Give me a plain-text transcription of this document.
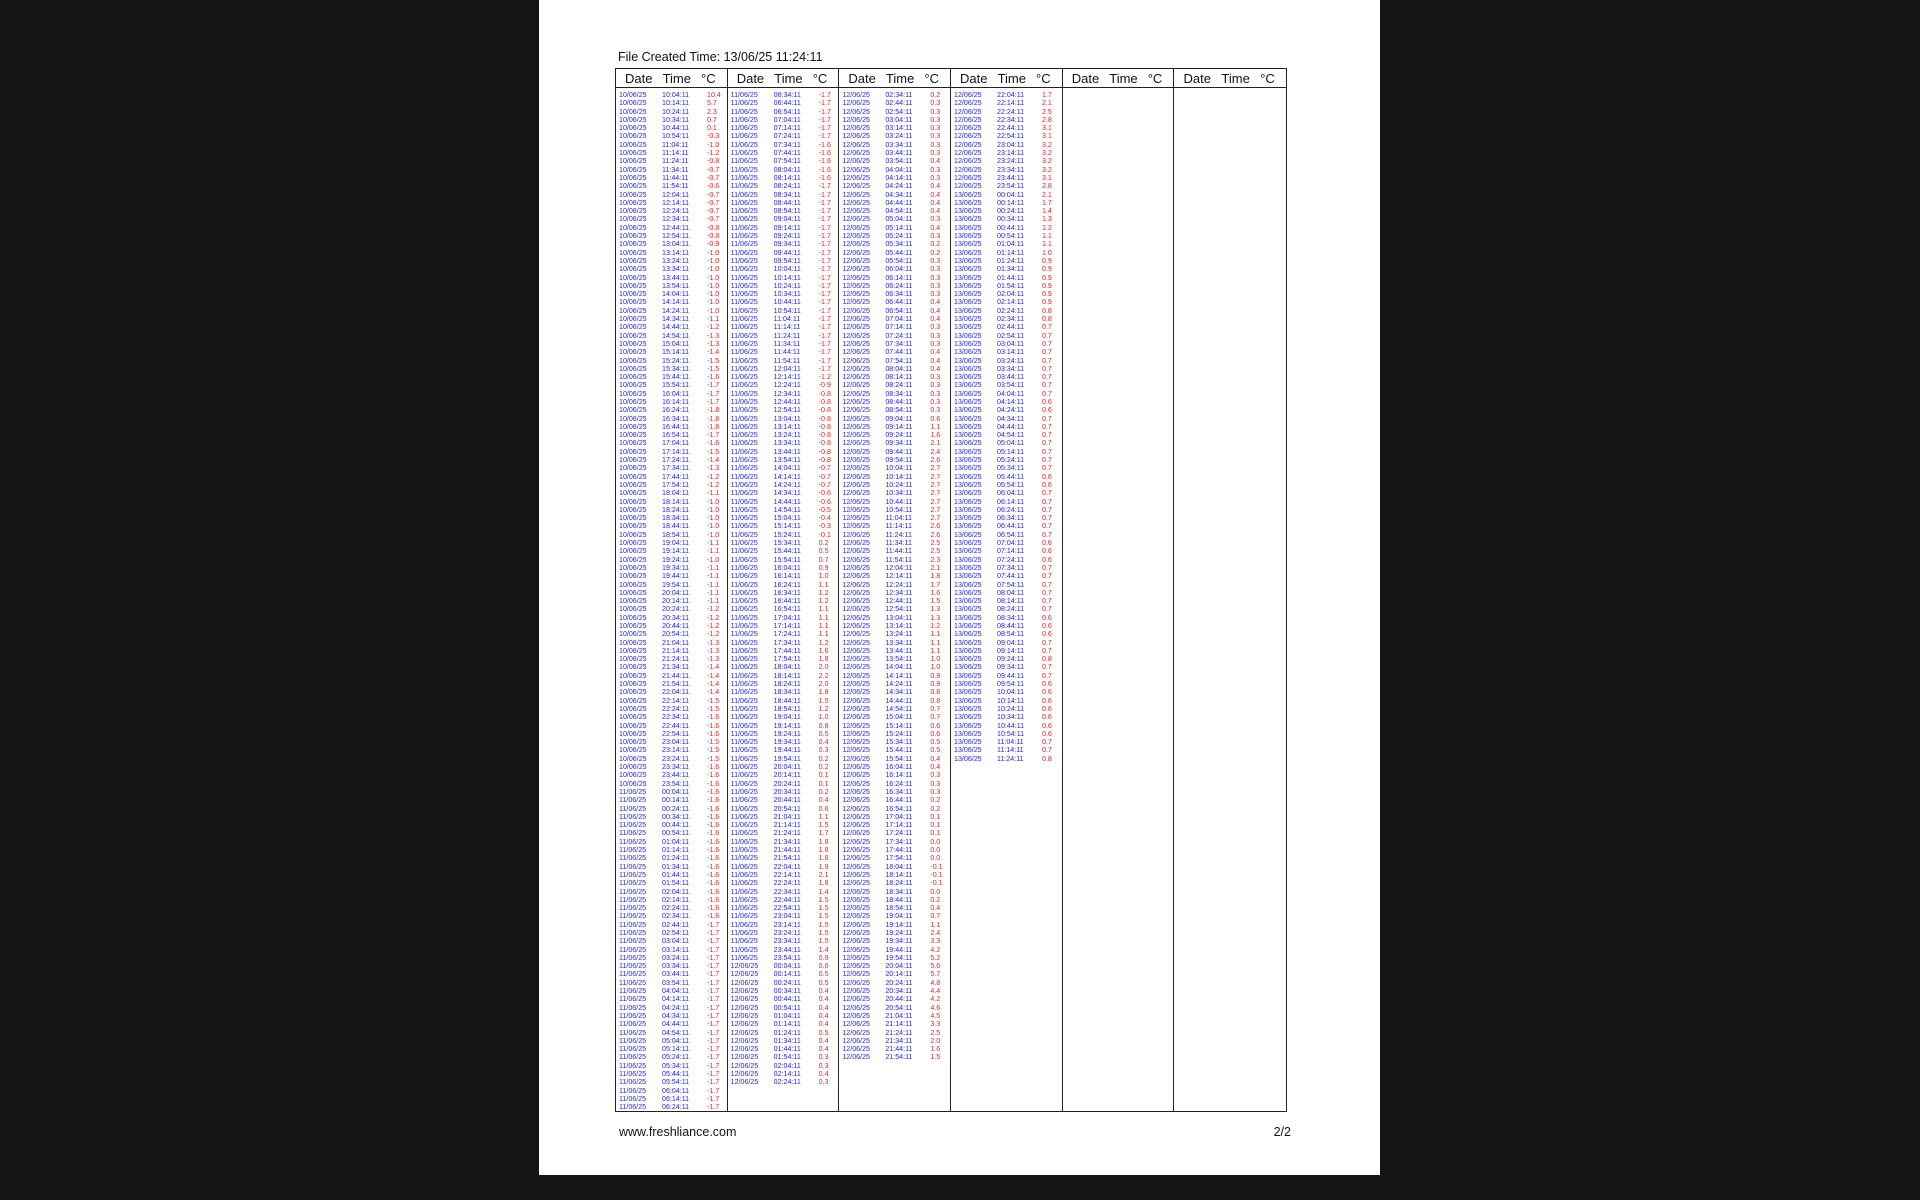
File Created Time: 13/06/25 11:24:11
Date Time °C
10/06/25 10:04:11	10.4
10/06/25 10:14:11	5.7
10/06/25 10:24:11	2.3
10/06/25 10:34:11	0.7
10/06/25 10:44:11	0.1
10/06/25 10:54:11	-0.3
10/06/25 11:04:11	-1.0
10/06/25 11:14:11	-1.2
10/06/25 11:24:11	-0.8
10/06/25 11:34:11	-0.7
10/06/25 11:44:11	-0.7
10/06/25 11:54:11	-0.6
10/06/25 12:04:11	-0.7
10/06/25 12:14:11	-0.7
10/06/25 12:24:11	-0.7
10/06/25 12:34:11	-0.7
10/06/25 12:44:11	-0.8
10/06/25 12:54:11	-0.8
10/06/25 13:04:11	-0.9
10/06/25 13:14:11	-1.0
10/06/25 13:24:11	-1.0
10/06/25 13:34:11	-1.0
10/06/25 13:44:11	-1.0
10/06/25 13:54:11	-1.0
10/06/25 14:04:11	-1.0
10/06/25 14:14:11	-1.0
10/06/25 14:24:11	-1.0
10/06/25 14:34:11	-1.1
10/06/25 14:44:11	-1.2
10/06/25 14:54:11	-1.3
10/06/25 15:04:11	-1.3
10/06/25 15:14:11	-1.4
10/06/25 15:24:11	-1.5
10/06/25 15:34:11	-1.5
10/06/25 15:44:11	-1.6
10/06/25 15:54:11	-1.7
10/06/25 16:04:11	-1.7
10/06/25 16:14:11	-1.7
10/06/25 16:24:11	-1.8
10/06/25 16:34:11	-1.8
10/06/25 16:44:11	-1.8
10/06/25 16:54:11	-1.7
10/06/25 17:04:11	-1.6
10/06/25 17:14:11	-1.5
10/06/25 17:24:11	-1.4
10/06/25 17:34:11	-1.3
10/06/25 17:44:11	-1.2
10/06/25 17:54:11	-1.2
10/06/25 18:04:11	-1.1
10/06/25 18:14:11	-1.0
10/06/25 18:24:11	-1.0
10/06/25 18:34:11	-1.0
10/06/25 18:44:11	-1.0
10/06/25 18:54:11	-1.0
10/06/25 19:04:11	-1.1
10/06/25 19:14:11	-1.1
10/06/25 19:24:11	-1.0
10/06/25 19:34:11	-1.1
10/06/25 19:44:11	-1.1
10/06/25 19:54:11	-1.1
10/06/25 20:04:11	-1.1
10/06/25 20:14:11	-1.1
10/06/25 20:24:11	-1.2
10/06/25 20:34:11	-1.2
10/06/25 20:44:11	-1.2
10/06/25 20:54:11	-1.2
10/06/25 21:04:11	-1.3
10/06/25 21:14:11	-1.3
10/06/25 21:24:11	-1.3
10/06/25 21:34:11	-1.4
10/06/25 21:44:11	-1.4
10/06/25 21:54:11	-1.4
10/06/25 22:04:11	-1.4
10/06/25 22:14:11	-1.5
10/06/25 22:24:11	-1.5
10/06/25 22:34:11	-1.6
10/06/25 22:44:11	-1.6
10/06/25 22:54:11	-1.6
10/06/25 23:04:11	-1.5
10/06/25 23:14:11	-1.5
10/06/25 23:24:11	-1.5
10/06/25 23:34:11	-1.6
10/06/25 23:44:11	-1.6
10/06/25 23:54:11	-1.6
11/06/25 00:04:11	-1.6
11/06/25 00:14:11	-1.6
11/06/25 00:24:11	-1.6
11/06/25 00:34:11	-1.6
11/06/25 00:44:11	-1.6
11/06/25 00:54:11	-1.6
11/06/25 01:04:11	-1.6
11/06/25 01:14:11	-1.6
11/06/25 01:24:11	-1.6
11/06/25 01:34:11	-1.6
11/06/25 01:44:11	-1.6
11/06/25 01:54:11	-1.6
11/06/25 02:04:11	-1.6
11/06/25 02:14:11	-1.6
11/06/25 02:24:11	-1.6
11/06/25 02:34:11	-1.6
11/06/25 02:44:11	-1.7
11/06/25 02:54:11	-1.7
11/06/25 03:04:11	-1.7
11/06/25 03:14:11	-1.7
11/06/25 03:24:11	-1.7
11/06/25 03:34:11	-1.7
11/06/25 03:44:11	-1.7
11/06/25 03:54:11	-1.7
11/06/25 04:04:11	-1.7
11/06/25 04:14:11	-1.7
11/06/25 04:24:11	-1.7
11/06/25 04:34:11	-1.7
11/06/25 04:44:11	-1.7
11/06/25 04:54:11	-1.7
11/06/25 05:04:11	-1.7
11/06/25 05:14:11	-1.7
11/06/25 05:24:11	-1.7
11/06/25 05:34:11	-1.7
11/06/25 05:44:11	-1.7
11/06/25 05:54:11	-1.7
11/06/25 06:04:11	-1.7
11/06/25 06:14:11	-1.7
11/06/25 06:24:11	-1.7
Date Time °C
11/06/25 06:34:11	-1.7
11/06/25 06:44:11	-1.7
11/06/25 06:54:11	-1.7
11/06/25 07:04:11	-1.7
11/06/25 07:14:11	-1.7
11/06/25 07:24:11	-1.7
11/06/25 07:34:11	-1.6
11/06/25 07:44:11	-1.6
11/06/25 07:54:11	-1.6
11/06/25 08:04:11	-1.6
11/06/25 08:14:11	-1.6
11/06/25 08:24:11	-1.7
11/06/25 08:34:11	-1.7
11/06/25 08:44:11	-1.7
11/06/25 08:54:11	-1.7
11/06/25 09:04:11	-1.7
11/06/25 09:14:11	-1.7
11/06/25 09:24:11	-1.7
11/06/25 09:34:11	-1.7
11/06/25 09:44:11	-1.7
11/06/25 09:54:11	-1.7
11/06/25 10:04:11	-1.7
11/06/25 10:14:11	-1.7
11/06/25 10:24:11	-1.7
11/06/25 10:34:11	-1.7
11/06/25 10:44:11	-1.7
11/06/25 10:54:11	-1.7
11/06/25 11:04:11	-1.7
11/06/25 11:14:11	-1.7
11/06/25 11:24:11	-1.7
11/06/25 11:34:11	-1.7
11/06/25 11:44:11	-1.7
11/06/25 11:54:11	-1.7
11/06/25 12:04:11	-1.7
11/06/25 12:14:11	-1.2
11/06/25 12:24:11	-0.9
11/06/25 12:34:11	-0.8
11/06/25 12:44:11	-0.8
11/06/25 12:54:11	-0.8
11/06/25 13:04:11	-0.8
11/06/25 13:14:11	-0.8
11/06/25 13:24:11	-0.8
11/06/25 13:34:11	-0.8
11/06/25 13:44:11	-0.8
11/06/25 13:54:11	-0.8
11/06/25 14:04:11	-0.7
11/06/25 14:14:11	-0.7
11/06/25 14:24:11	-0.7
11/06/25 14:34:11	-0.6
11/06/25 14:44:11	-0.6
11/06/25 14:54:11	-0.5
11/06/25 15:04:11	-0.4
11/06/25 15:14:11	-0.3
11/06/25 15:24:11	-0.1
11/06/25 15:34:11	0.2
11/06/25 15:44:11	0.5
11/06/25 15:54:11	0.7
11/06/25 16:04:11	0.9
11/06/25 16:14:11	1.0
11/06/25 16:24:11	1.1
11/06/25 16:34:11	1.2
11/06/25 16:44:11	1.2
11/06/25 16:54:11	1.1
11/06/25 17:04:11	1.1
11/06/25 17:14:11	1.1
11/06/25 17:24:11	1.1
11/06/25 17:34:11	1.2
11/06/25 17:44:11	1.6
11/06/25 17:54:11	1.8
11/06/25 18:04:11	2.0
11/06/25 18:14:11	2.2
11/06/25 18:24:11	2.0
11/06/25 18:34:11	1.8
11/06/25 18:44:11	1.5
11/06/25 18:54:11	1.2
11/06/25 19:04:11	1.0
11/06/25 19:14:11	0.8
11/06/25 19:24:11	0.5
11/06/25 19:34:11	0.4
11/06/25 19:44:11	0.3
11/06/25 19:54:11	0.2
11/06/25 20:04:11	0.2
11/06/25 20:14:11	0.1
11/06/25 20:24:11	0.1
11/06/25 20:34:11	0.2
11/06/25 20:44:11	0.4
11/06/25 20:54:11	0.6
11/06/25 21:04:11	1.1
11/06/25 21:14:11	1.5
11/06/25 21:24:11	1.7
11/06/25 21:34:11	1.8
11/06/25 21:44:11	1.8
11/06/25 21:54:11	1.8
11/06/25 22:04:11	1.9
11/06/25 22:14:11	2.1
11/06/25 22:24:11	1.8
11/06/25 22:34:11	1.4
11/06/25 22:44:11	1.5
11/06/25 22:54:11	1.5
11/06/25 23:04:11	1.5
11/06/25 23:14:11	1.5
11/06/25 23:24:11	1.5
11/06/25 23:34:11	1.5
11/06/25 23:44:11	1.4
11/06/25 23:54:11	0.9
12/06/25 00:04:11	0.6
12/06/25 00:14:11	0.5
12/06/25 00:24:11	0.5
12/06/25 00:34:11	0.4
12/06/25 00:44:11	0.4
12/06/25 00:54:11	0.4
12/06/25 01:04:11	0.4
12/06/25 01:14:11	0.4
12/06/25 01:24:11	0.5
12/06/25 01:34:11	0.4
12/06/25 01:44:11	0.4
12/06/25 01:54:11	0.3
12/06/25 02:04:11	0.3
12/06/25 02:14:11	0.4
12/06/25 02:24:11	0.3
Date Time °C
12/06/25 02:34:11	0.2
12/06/25 02:44:11	0.3
12/06/25 02:54:11	0.3
12/06/25 03:04:11	0.3
12/06/25 03:14:11	0.3
12/06/25 03:24:11	0.3
12/06/25 03:34:11	0.3
12/06/25 03:44:11	0.3
12/06/25 03:54:11	0.4
12/06/25 04:04:11	0.3
12/06/25 04:14:11	0.3
12/06/25 04:24:11	0.4
12/06/25 04:34:11	0.4
12/06/25 04:44:11	0.4
12/06/25 04:54:11	0.4
12/06/25 05:04:11	0.3
12/06/25 05:14:11	0.4
12/06/25 05:24:11	0.3
12/06/25 05:34:11	0.2
12/06/25 05:44:11	0.2
12/06/25 05:54:11	0.3
12/06/25 06:04:11	0.3
12/06/25 06:14:11	0.3
12/06/25 06:24:11	0.3
12/06/25 06:34:11	0.3
12/06/25 06:44:11	0.4
12/06/25 06:54:11	0.4
12/06/25 07:04:11	0.4
12/06/25 07:14:11	0.3
12/06/25 07:24:11	0.3
12/06/25 07:34:11	0.3
12/06/25 07:44:11	0.4
12/06/25 07:54:11	0.4
12/06/25 08:04:11	0.4
12/06/25 08:14:11	0.3
12/06/25 08:24:11	0.3
12/06/25 08:34:11	0.3
12/06/25 08:44:11	0.3
12/06/25 08:54:11	0.3
12/06/25 09:04:11	0.6
12/06/25 09:14:11	1.1
12/06/25 09:24:11	1.6
12/06/25 09:34:11	2.1
12/06/25 09:44:11	2.4
12/06/25 09:54:11	2.6
12/06/25 10:04:11	2.7
12/06/25 10:14:11	2.7
12/06/25 10:24:11	2.7
12/06/25 10:34:11	2.7
12/06/25 10:44:11	2.7
12/06/25 10:54:11	2.7
12/06/25 11:04:11	2.7
12/06/25 11:14:11	2.6
12/06/25 11:24:11	2.6
12/06/25 11:34:11	2.5
12/06/25 11:44:11	2.5
12/06/25 11:54:11	2.3
12/06/25 12:04:11	2.1
12/06/25 12:14:11	1.8
12/06/25 12:24:11	1.7
12/06/25 12:34:11	1.6
12/06/25 12:44:11	1.5
12/06/25 12:54:11	1.3
12/06/25 13:04:11	1.3
12/06/25 13:14:11	1.2
12/06/25 13:24:11	1.1
12/06/25 13:34:11	1.1
12/06/25 13:44:11	1.1
12/06/25 13:54:11	1.0
12/06/25 14:04:11	1.0
12/06/25 14:14:11	0.9
12/06/25 14:24:11	0.9
12/06/25 14:34:11	0.8
12/06/25 14:44:11	0.8
12/06/25 14:54:11	0.7
12/06/25 15:04:11	0.7
12/06/25 15:14:11	0.6
12/06/25 15:24:11	0.6
12/06/25 15:34:11	0.5
12/06/25 15:44:11	0.5
12/06/25 15:54:11	0.4
12/06/25 16:04:11	0.4
12/06/25 16:14:11	0.3
12/06/25 16:24:11	0.3
12/06/25 16:34:11	0.3
12/06/25 16:44:11	0.2
12/06/25 16:54:11	0.2
12/06/25 17:04:11	0.1
12/06/25 17:14:11	0.1
12/06/25 17:24:11	0.1
12/06/25 17:34:11	0.0
12/06/25 17:44:11	0.0
12/06/25 17:54:11	0.0
12/06/25 18:04:11	-0.1
12/06/25 18:14:11	-0.1
12/06/25 18:24:11	-0.1
12/06/25 18:34:11	0.0
12/06/25 18:44:11	0.2
12/06/25 18:54:11	0.4
12/06/25 19:04:11	0.7
12/06/25 19:14:11	1.1
12/06/25 19:24:11	2.4
12/06/25 19:34:11	3.3
12/06/25 19:44:11	4.2
12/06/25 19:54:11	5.2
12/06/25 20:04:11	5.6
12/06/25 20:14:11	5.7
12/06/25 20:24:11	4.8
12/06/25 20:34:11	4.4
12/06/25 20:44:11	4.2
12/06/25 20:54:11	4.6
12/06/25 21:04:11	4.5
12/06/25 21:14:11	3.3
12/06/25 21:24:11	2.5
12/06/25 21:34:11	2.0
12/06/25 21:44:11	1.6
12/06/25 21:54:11	1.5
Date Time °C
12/06/25 22:04:11	1.7
12/06/25 22:14:11	2.1
12/06/25 22:24:11	2.5
12/06/25 22:34:11	2.8
12/06/25 22:44:11	3.1
12/06/25 22:54:11	3.1
12/06/25 23:04:11	3.2
12/06/25 23:14:11	3.2
12/06/25 23:24:11	3.2
12/06/25 23:34:11	3.2
12/06/25 23:44:11	3.1
12/06/25 23:54:11	2.8
13/06/25 00:04:11	2.1
13/06/25 00:14:11	1.7
13/06/25 00:24:11	1.4
13/06/25 00:34:11	1.3
13/06/25 00:44:11	1.2
13/06/25 00:54:11	1.1
13/06/25 01:04:11	1.1
13/06/25 01:14:11	1.0
13/06/25 01:24:11	0.9
13/06/25 01:34:11	0.9
13/06/25 01:44:11	0.9
13/06/25 01:54:11	0.9
13/06/25 02:04:11	0.9
13/06/25 02:14:11	0.9
13/06/25 02:24:11	0.8
13/06/25 02:34:11	0.8
13/06/25 02:44:11	0.7
13/06/25 02:54:11	0.7
13/06/25 03:04:11	0.7
13/06/25 03:14:11	0.7
13/06/25 03:24:11	0.7
13/06/25 03:34:11	0.7
13/06/25 03:44:11	0.7
13/06/25 03:54:11	0.7
13/06/25 04:04:11	0.7
13/06/25 04:14:11	0.6
13/06/25 04:24:11	0.6
13/06/25 04:34:11	0.7
13/06/25 04:44:11	0.7
13/06/25 04:54:11	0.7
13/06/25 05:04:11	0.7
13/06/25 05:14:11	0.7
13/06/25 05:24:11	0.7
13/06/25 05:34:11	0.7
13/06/25 05:44:11	0.6
13/06/25 05:54:11	0.6
13/06/25 06:04:11	0.7
13/06/25 06:14:11	0.7
13/06/25 06:24:11	0.7
13/06/25 06:34:11	0.7
13/06/25 06:44:11	0.7
13/06/25 06:54:11	0.7
13/06/25 07:04:11	0.6
13/06/25 07:14:11	0.6
13/06/25 07:24:11	0.6
13/06/25 07:34:11	0.7
13/06/25 07:44:11	0.7
13/06/25 07:54:11	0.7
13/06/25 08:04:11	0.7
13/06/25 08:14:11	0.7
13/06/25 08:24:11	0.7
13/06/25 08:34:11	0.6
13/06/25 08:44:11	0.6
13/06/25 08:54:11	0.6
13/06/25 09:04:11	0.7
13/06/25 09:14:11	0.7
13/06/25 09:24:11	0.8
13/06/25 09:34:11	0.7
13/06/25 09:44:11	0.7
13/06/25 09:54:11	0.6
13/06/25 10:04:11	0.6
13/06/25 10:14:11	0.6
13/06/25 10:24:11	0.6
13/06/25 10:34:11	0.6
13/06/25 10:44:11	0.6
13/06/25 10:54:11	0.6
13/06/25 11:04:11	0.7
13/06/25 11:14:11	0.7
13/06/25 11:24:11	0.8
Date Time °C Date Time °C
www.freshliance.com	2/2
